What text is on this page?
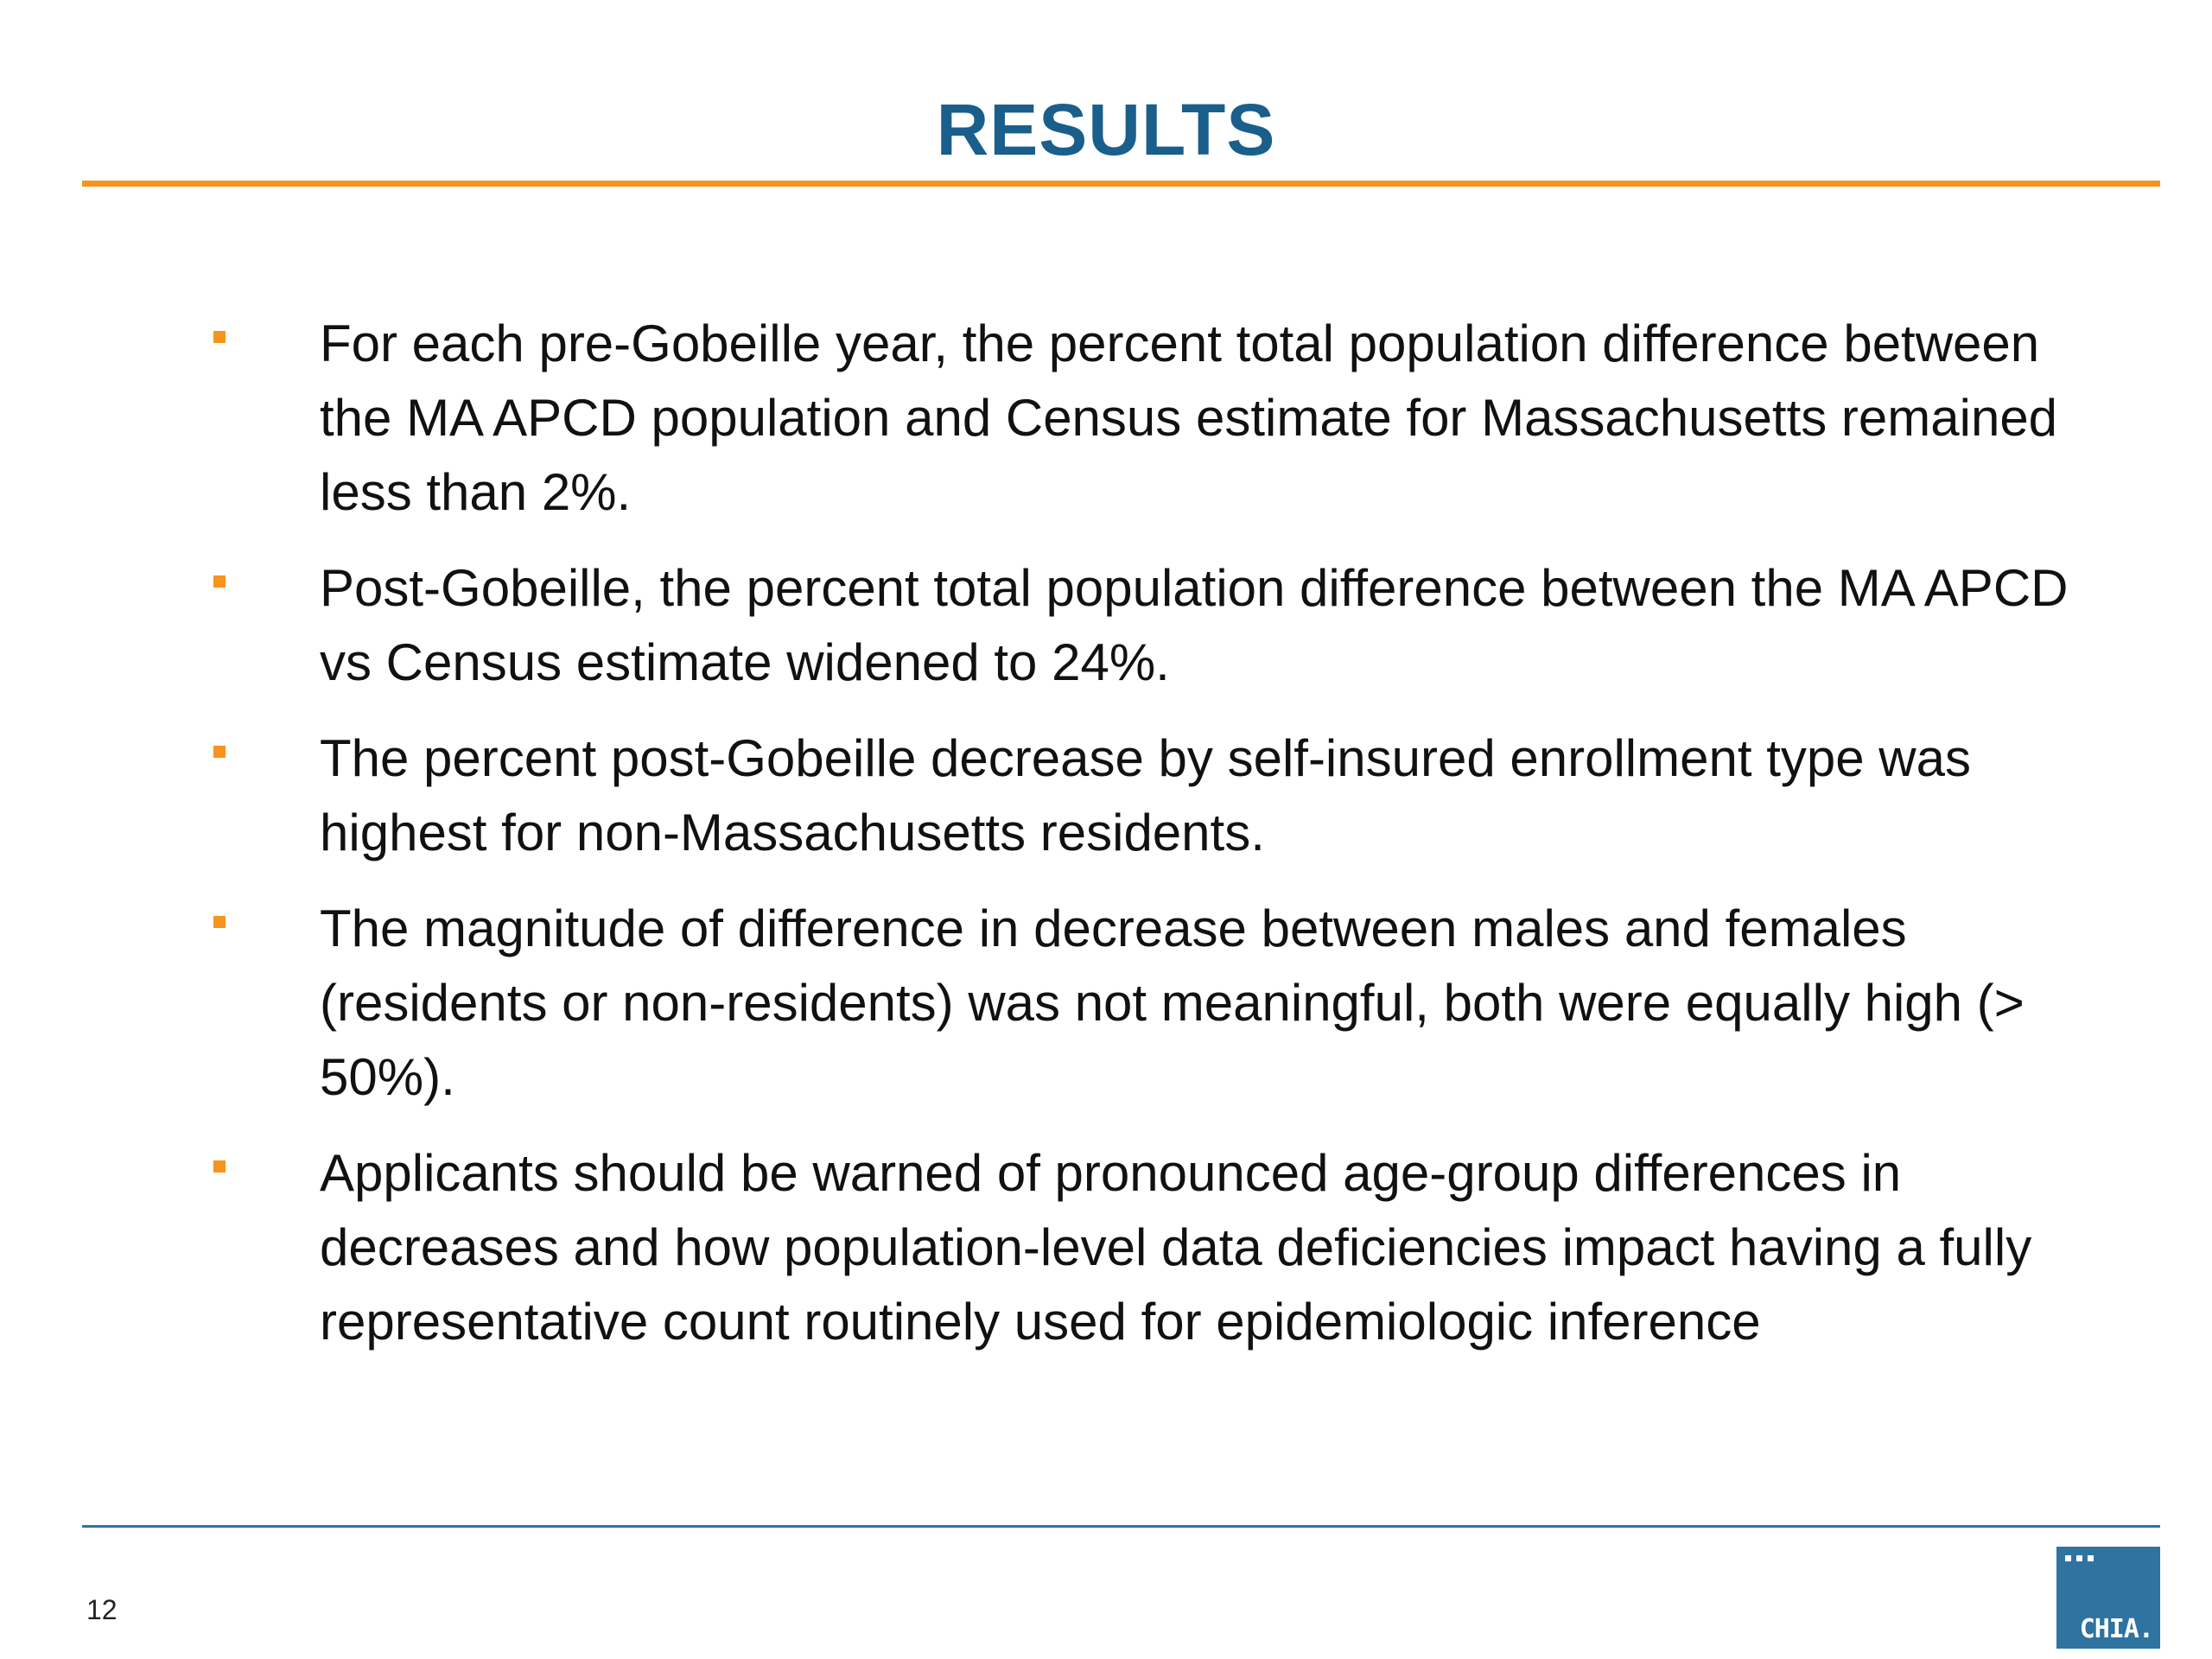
RESULTS
For each pre-Gobeille year, the percent total population difference between the MA APCD population and Census estimate for Massachusetts remained less than 2%.
Post-Gobeille, the percent total population difference between the MA APCD vs Census estimate widened to 24%.
The percent post-Gobeille decrease by self-insured enrollment type was highest for non-Massachusetts residents.
The magnitude of difference in decrease between males and females (residents or non-residents) was not meaningful, both were equally high (> 50%).
Applicants should be warned of pronounced age-group differences in decreases and how population-level data deficiencies impact having a fully representative count routinely used for epidemiologic inference
12
CHIA.
